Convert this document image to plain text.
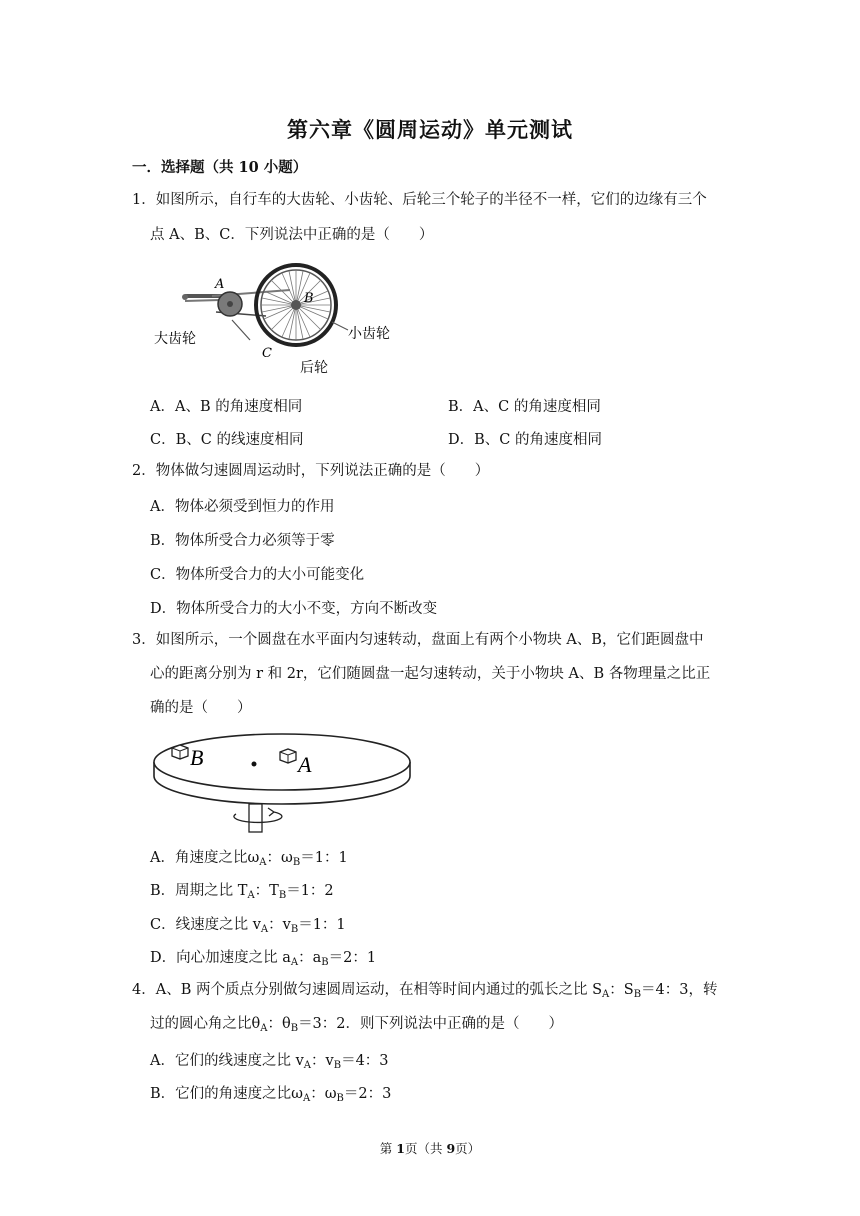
第六章《圆周运动》单元测试
一．选择题（共 10 小题）
1．如图所示，自行车的大齿轮、小齿轮、后轮三个轮子的半径不一样，它们的边缘有三个
点 A、B、C．下列说法中正确的是（　　）
A
B
C
大齿轮	小齿轮
后轮
A．A、B 的角速度相同	B．A、C 的角速度相同
C．B、C 的线速度相同	D．B、C 的角速度相同
2．物体做匀速圆周运动时，下列说法正确的是（　　）
A．物体必须受到恒力的作用
B．物体所受合力必须等于零
C．物体所受合力的大小可能变化
D．物体所受合力的大小不变，方向不断改变
3．如图所示，一个圆盘在水平面内匀速转动，盘面上有两个小物块 A、B，它们距圆盘中
心的距离分别为 r 和 2r，它们随圆盘一起匀速转动，关于小物块 A、B 各物理量之比正
确的是（　　）
B	A
A．角速度之比$\omega_A$：$\omega_B=1$：1
B．周期之比 $T_A$：$T_B=1$：2
C．线速度之比 $v_A$：$v_B=1$：1
D．向心加速度之比 $a_A$：$a_B=2$：1
4．A、B 两个质点分别做匀速圆周运动，在相等时间内通过的弧长之比 $S_A$：$S_B=4$：3，转
过的圆心角之比$\theta_A$：$\theta_B=3$：2．则下列说法中正确的是（　　）
A．它们的线速度之比 $v_A$：$v_B=4$：3
B．它们的角速度之比$\omega_A$：$\omega_B=2$：3
第 1页（共 9页）
